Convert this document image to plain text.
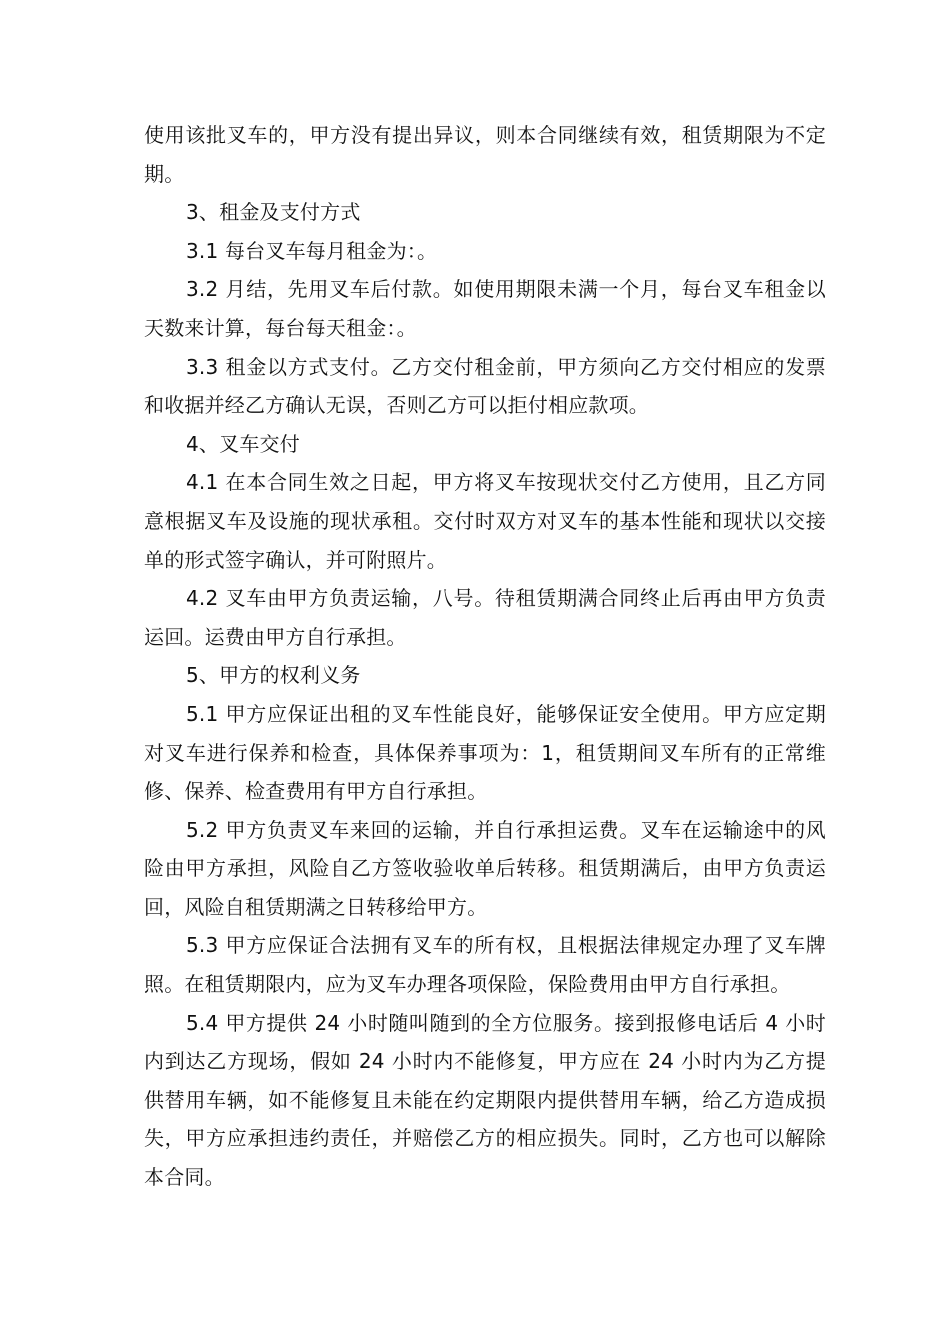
使用该批叉车的，甲方没有提出异议，则本合同继续有效，租赁期限为不定期。

3、租金及支付方式

3.1 每台叉车每月租金为：。

3.2 月结，先用叉车后付款。如使用期限未满一个月，每台叉车租金以天数来计算，每台每天租金：。

3.3 租金以方式支付。乙方交付租金前，甲方须向乙方交付相应的发票和收据并经乙方确认无误，否则乙方可以拒付相应款项。

4、叉车交付

4.1 在本合同生效之日起，甲方将叉车按现状交付乙方使用，且乙方同意根据叉车及设施的现状承租。交付时双方对叉车的基本性能和现状以交接单的形式签字确认，并可附照片。

4.2 叉车由甲方负责运输，八号。待租赁期满合同终止后再由甲方负责运回。运费由甲方自行承担。

5、甲方的权利义务

5.1 甲方应保证出租的叉车性能良好，能够保证安全使用。甲方应定期对叉车进行保养和检查，具体保养事项为：1，租赁期间叉车所有的正常维修、保养、检查费用有甲方自行承担。

5.2 甲方负责叉车来回的运输，并自行承担运费。叉车在运输途中的风险由甲方承担，风险自乙方签收验收单后转移。租赁期满后，由甲方负责运回，风险自租赁期满之日转移给甲方。

5.3 甲方应保证合法拥有叉车的所有权，且根据法律规定办理了叉车牌照。在租赁期限内，应为叉车办理各项保险，保险费用由甲方自行承担。

5.4 甲方提供 24 小时随叫随到的全方位服务。接到报修电话后 4 小时内到达乙方现场，假如 24 小时内不能修复，甲方应在 24 小时内为乙方提供替用车辆，如不能修复且未能在约定期限内提供替用车辆，给乙方造成损失，甲方应承担违约责任，并赔偿乙方的相应损失。同时，乙方也可以解除本合同。
